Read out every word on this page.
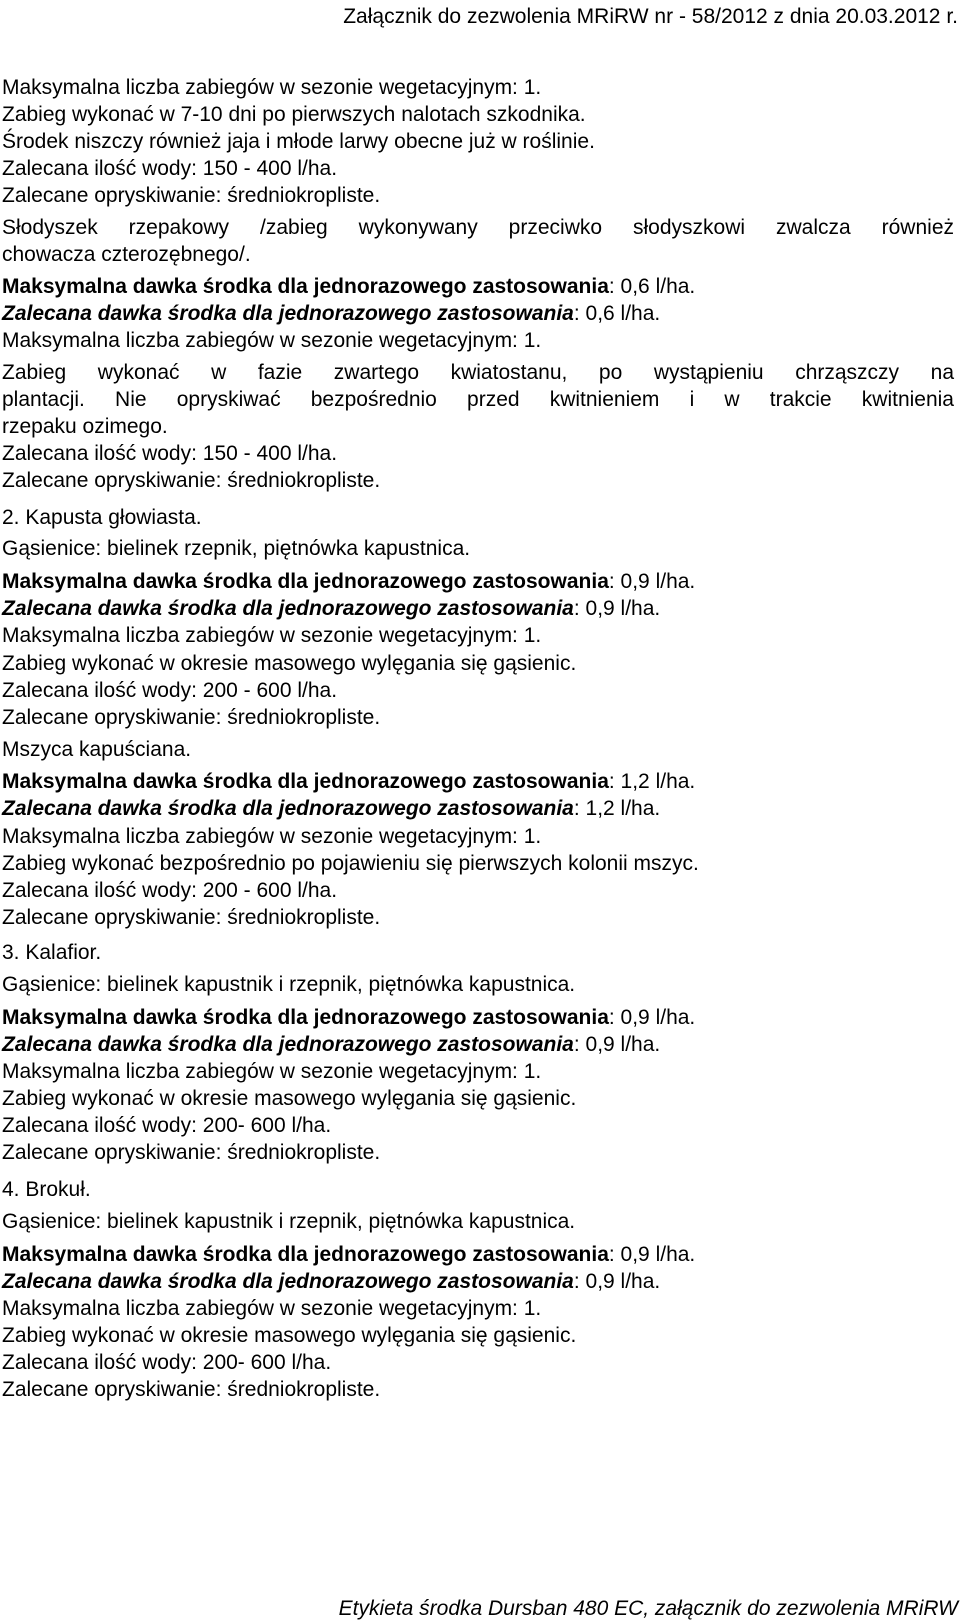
Załącznik do zezwolenia MRiRW nr - 58/2012 z dnia 20.03.2012 r.
Maksymalna liczba zabiegów w sezonie wegetacyjnym: 1.
Zabieg wykonać w 7-10 dni po pierwszych nalotach szkodnika.
Środek niszczy również jaja i młode larwy obecne już w roślinie.
Zalecana ilość wody: 150 - 400 l/ha.
Zalecane opryskiwanie: średniokropliste.
Słodyszek rzepakowy /zabieg wykonywany przeciwko słodyszkowi zwalcza również
chowacza czterozębnego/.
Maksymalna dawka środka dla jednorazowego zastosowania: 0,6 l/ha.
Zalecana dawka środka dla jednorazowego zastosowania: 0,6 l/ha.
Maksymalna liczba zabiegów w sezonie wegetacyjnym: 1.
Zabieg wykonać w fazie zwartego kwiatostanu, po wystąpieniu chrząszczy na
plantacji. Nie opryskiwać bezpośrednio przed kwitnieniem i w trakcie kwitnienia
rzepaku ozimego.
Zalecana ilość wody: 150 - 400 l/ha.
Zalecane opryskiwanie: średniokropliste.
2. Kapusta głowiasta.
Gąsienice: bielinek rzepnik, piętnówka kapustnica.
Maksymalna dawka środka dla jednorazowego zastosowania: 0,9 l/ha.
Zalecana dawka środka dla jednorazowego zastosowania: 0,9 l/ha.
Maksymalna liczba zabiegów w sezonie wegetacyjnym: 1.
Zabieg wykonać w okresie masowego wylęgania się gąsienic.
Zalecana ilość wody: 200 - 600 l/ha.
Zalecane opryskiwanie: średniokropliste.
Mszyca kapuściana.
Maksymalna dawka środka dla jednorazowego zastosowania: 1,2 l/ha.
Zalecana dawka środka dla jednorazowego zastosowania: 1,2 l/ha.
Maksymalna liczba zabiegów w sezonie wegetacyjnym: 1.
Zabieg wykonać bezpośrednio po pojawieniu się pierwszych kolonii mszyc.
Zalecana ilość wody: 200 - 600 l/ha.
Zalecane opryskiwanie: średniokropliste.
3. Kalafior.
Gąsienice: bielinek kapustnik i rzepnik, piętnówka kapustnica.
Maksymalna dawka środka dla jednorazowego zastosowania: 0,9 l/ha.
Zalecana dawka środka dla jednorazowego zastosowania: 0,9 l/ha.
Maksymalna liczba zabiegów w sezonie wegetacyjnym: 1.
Zabieg wykonać w okresie masowego wylęgania się gąsienic.
Zalecana ilość wody: 200- 600 l/ha.
Zalecane opryskiwanie: średniokropliste.
4. Brokuł.
Gąsienice: bielinek kapustnik i rzepnik, piętnówka kapustnica.
Maksymalna dawka środka dla jednorazowego zastosowania: 0,9 l/ha.
Zalecana dawka środka dla jednorazowego zastosowania: 0,9 l/ha.
Maksymalna liczba zabiegów w sezonie wegetacyjnym: 1.
Zabieg wykonać w okresie masowego wylęgania się gąsienic.
Zalecana ilość wody: 200- 600 l/ha.
Zalecane opryskiwanie: średniokropliste.
Etykieta środka Dursban 480 EC, załącznik do zezwolenia MRiRW
